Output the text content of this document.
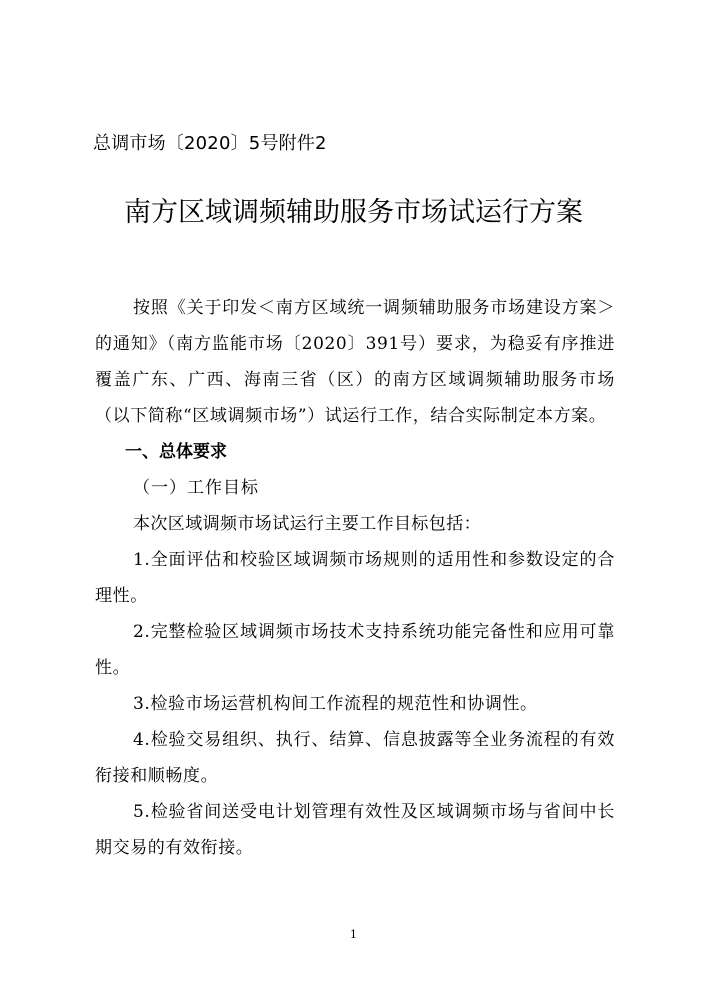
总调市场〔2020〕5号附件2
南方区域调频辅助服务市场试运行方案

按照《关于印发＜南方区域统一调频辅助服务市场建设方案＞的通知》（南方监能市场〔2020〕391号）要求，为稳妥有序推进覆盖广东、广西、海南三省（区）的南方区域调频辅助服务市场（以下简称“区域调频市场”）试运行工作，结合实际制定本方案。

一、总体要求

（一）工作目标

本次区域调频市场试运行主要工作目标包括：

1.全面评估和校验区域调频市场规则的适用性和参数设定的合理性。

2.完整检验区域调频市场技术支持系统功能完备性和应用可靠性。

3.检验市场运营机构间工作流程的规范性和协调性。

4.检验交易组织、执行、结算、信息披露等全业务流程的有效衔接和顺畅度。

5.检验省间送受电计划管理有效性及区域调频市场与省间中长期交易的有效衔接。

1
